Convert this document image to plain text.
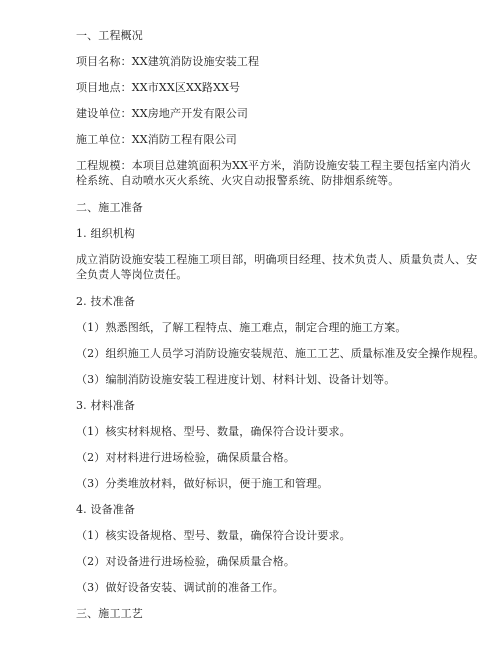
一、工程概况
项目名称：XX建筑消防设施安装工程
项目地点：XX市XX区XX路XX号
建设单位：XX房地产开发有限公司
施工单位：XX消防工程有限公司
工程规模：本项目总建筑面积为XX平方米，消防设施安装工程主要包括室内消火
栓系统、自动喷水灭火系统、火灾自动报警系统、防排烟系统等。
二、施工准备
1. 组织机构
成立消防设施安装工程施工项目部，明确项目经理、技术负责人、质量负责人、安
全负责人等岗位责任。
2. 技术准备
（1）熟悉图纸，了解工程特点、施工难点，制定合理的施工方案。
（2）组织施工人员学习消防设施安装规范、施工工艺、质量标准及安全操作规程。
（3）编制消防设施安装工程进度计划、材料计划、设备计划等。
3. 材料准备
（1）核实材料规格、型号、数量，确保符合设计要求。
（2）对材料进行进场检验，确保质量合格。
（3）分类堆放材料，做好标识，便于施工和管理。
4. 设备准备
（1）核实设备规格、型号、数量，确保符合设计要求。
（2）对设备进行进场检验，确保质量合格。
（3）做好设备安装、调试前的准备工作。
三、施工工艺
